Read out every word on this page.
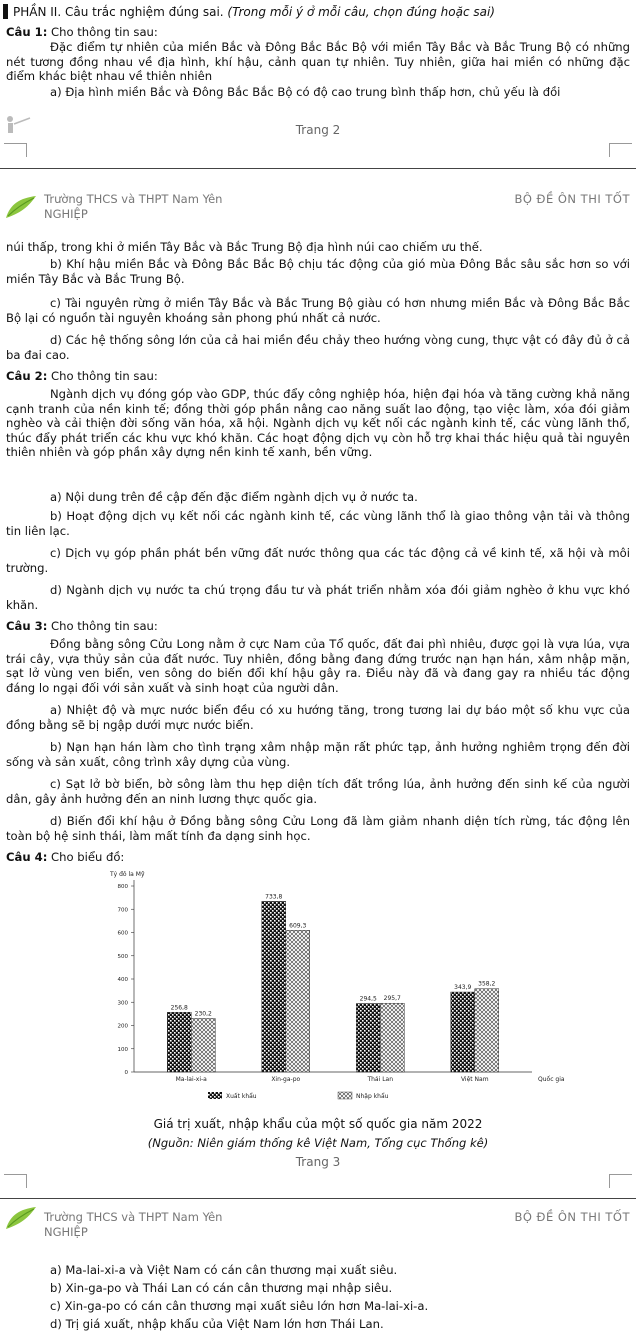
PHẦN II. Câu trắc nghiệm đúng sai. (Trong mỗi ý ở mỗi câu, chọn đúng hoặc sai)
Câu 1: Cho thông tin sau:
Đặc điểm tự nhiên của miền Bắc và Đông Bắc Bắc Bộ với miền Tây Bắc và Bắc Trung Bộ có những nét tương đồng nhau về địa hình, khí hậu, cảnh quan tự nhiên. Tuy nhiên, giữa hai miền có những đặc điểm khác biệt nhau về thiên nhiên
a) Địa hình miền Bắc và Đông Bắc Bắc Bộ có độ cao trung bình thấp hơn, chủ yếu là đồi
Trang 2
Trường THCS và THPT Nam Yên
NGHIỆP
BỘ ĐỀ ÔN THI TỐT
núi thấp, trong khi ở miền Tây Bắc và Bắc Trung Bộ địa hình núi cao chiếm ưu thế.
b) Khí hậu miền Bắc và Đông Bắc Bắc Bộ chịu tác động của gió mùa Đông Bắc sâu sắc hơn so với miền Tây Bắc và Bắc Trung Bộ.
c) Tài nguyên rừng ở miền Tây Bắc và Bắc Trung Bộ giàu có hơn nhưng miền Bắc và Đông Bắc Bắc Bộ lại có nguồn tài nguyên khoáng sản phong phú nhất cả nước.
d) Các hệ thống sông lớn của cả hai miền đều chảy theo hướng vòng cung, thực vật có đây đủ ở cả ba đai cao.
Câu 2: Cho thông tin sau:
Ngành dịch vụ đóng góp vào GDP, thúc đẩy công nghiệp hóa, hiện đại hóa và tăng cường khả năng cạnh tranh của nền kinh tế; đồng thời góp phần nâng cao năng suất lao động, tạo việc làm, xóa đói giảm nghèo và cải thiện đời sống văn hóa, xã hội. Ngành dịch vụ kết nối các ngành kinh tế, các vùng lãnh thổ, thúc đẩy phát triển các khu vực khó khăn. Các hoạt động dịch vụ còn hỗ trợ khai thác hiệu quả tài nguyên thiên nhiên và góp phần xây dựng nền kinh tế xanh, bền vững.
a) Nội dung trên đề cập đến đặc điểm ngành dịch vụ ở nước ta.
b) Hoạt động dịch vụ kết nối các ngành kinh tế, các vùng lãnh thổ là giao thông vận tải và thông tin liên lạc.
c) Dịch vụ góp phần phát bền vững đất nước thông qua các tác động cả về kinh tế, xã hội và môi trường.
d) Ngành dịch vụ nước ta chú trọng đầu tư và phát triển nhằm xóa đói giảm nghèo ở khu vực khó khăn.
Câu 3: Cho thông tin sau:
Đồng bằng sông Cửu Long nằm ở cực Nam của Tổ quốc, đất đai phì nhiêu, được gọi là vựa lúa, vựa trái cây, vựa thủy sản của đất nước. Tuy nhiên, đồng bằng đang đứng trước nạn hạn hán, xâm nhập mặn, sạt lở vùng ven biển, ven sông do biến đổi khí hậu gây ra. Điều này đã và đang gay ra nhiều tác động đáng lo ngại đối với sản xuất và sinh hoạt của người dân.
a) Nhiệt độ và mực nước biển đều có xu hướng tăng, trong tương lai dự báo một số khu vực của đồng bằng sẽ bị ngập dưới mực nước biển.
b) Nạn hạn hán làm cho tình trạng xâm nhập mặn rất phức tạp, ảnh hưởng nghiêm trọng đến đời sống và sản xuất, công trình xây dựng của vùng.
c) Sạt lở bờ biển, bờ sông làm thu hẹp diện tích đất trồng lúa, ảnh hưởng đến sinh kế của người dân, gây ảnh hưởng đến an ninh lương thực quốc gia.
d) Biến đổi khí hậu ở Đồng bằng sông Cửu Long đã làm giảm nhanh diện tích rừng, tác động lên toàn bộ hệ sinh thái, làm mất tính đa dạng sinh học.
Câu 4: Cho biểu đồ:
Tỷ đô la Mỹ
0
100
200
300
400
500
600
700
800
256,8
230,2
733,8
609,3
294,5 295,7
343,9 358,2
Ma-lai-xi-a	Xin-ga-po	Thái Lan	Việt Nam	Quốc gia
Xuất khẩu	Nhập khẩu
Giá trị xuất, nhập khẩu của một số quốc gia năm 2022
(Nguồn: Niên giám thống kê Việt Nam, Tổng cục Thống kê)
Trang 3
Trường THCS và THPT Nam Yên
NGHIỆP
BỘ ĐỀ ÔN THI TỐT
a) Ma-lai-xi-a và Việt Nam có cán cân thương mại xuất siêu.
b) Xin-ga-po và Thái Lan có cán cân thương mại nhập siêu.
c) Xin-ga-po có cán cân thương mại xuất siêu lớn hơn Ma-lai-xi-a.
d) Trị giá xuất, nhập khẩu của Việt Nam lớn hơn Thái Lan.
